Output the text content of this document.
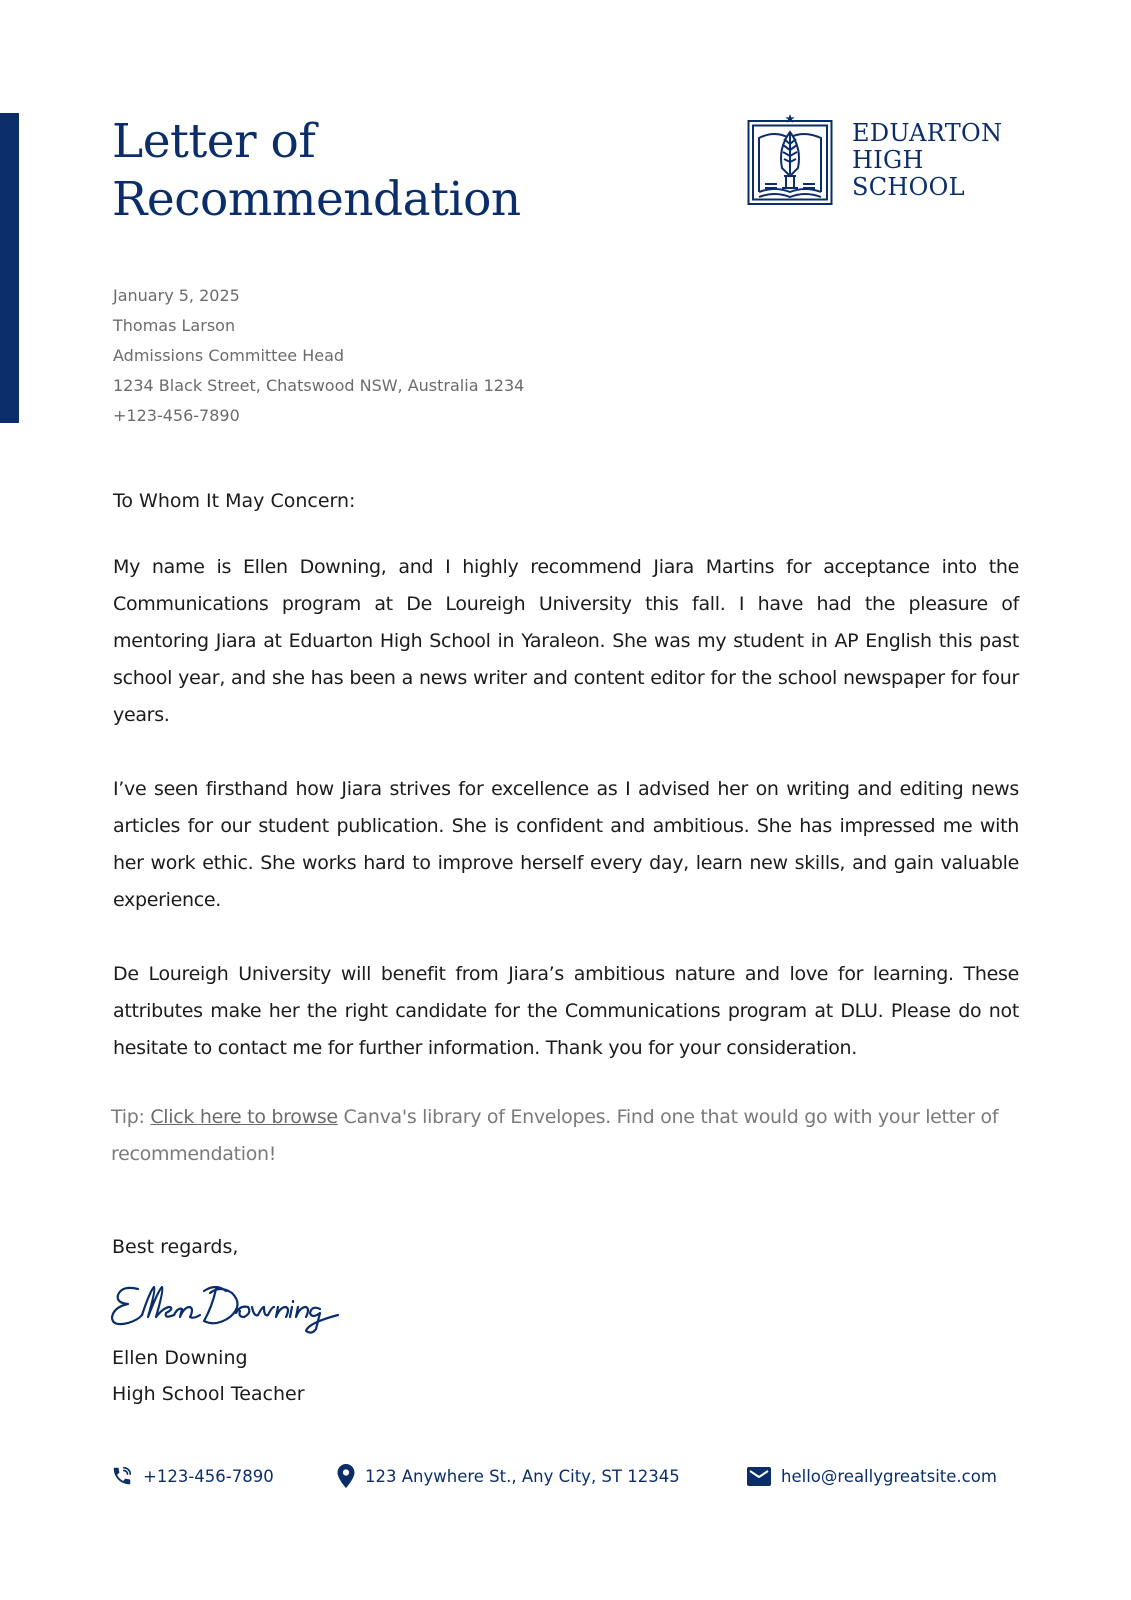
Letter of
Recommendation
EDUARTON
HIGH
SCHOOL
January 5, 2025
Thomas Larson
Admissions Committee Head
1234 Black Street, Chatswood NSW, Australia 1234
+123-456-7890

To Whom It May Concern:

My name is Ellen Downing, and I highly recommend Jiara Martins for acceptance into the Communications program at De Loureigh University this fall. I have had the pleasure of mentoring Jiara at Eduarton High School in Yaraleon. She was my student in AP English this past school year, and she has been a news writer and content editor for the school newspaper for four years.

I’ve seen firsthand how Jiara strives for excellence as I advised her on writing and editing news articles for our student publication. She is confident and ambitious. She has impressed me with her work ethic. She works hard to improve herself every day, learn new skills, and gain valuable experience.

De Loureigh University will benefit from Jiara’s ambitious nature and love for learning. These attributes make her the right candidate for the Communications program at DLU. Please do not hesitate to contact me for further information. Thank you for your consideration.

Tip: Click here to browse Canva's library of Envelopes. Find one that would go with your letter of recommendation!

Best regards,

Ellen Downing
High School Teacher
+123-456-7890	123 Anywhere St., Any City, ST 12345	hello@reallygreatsite.com
